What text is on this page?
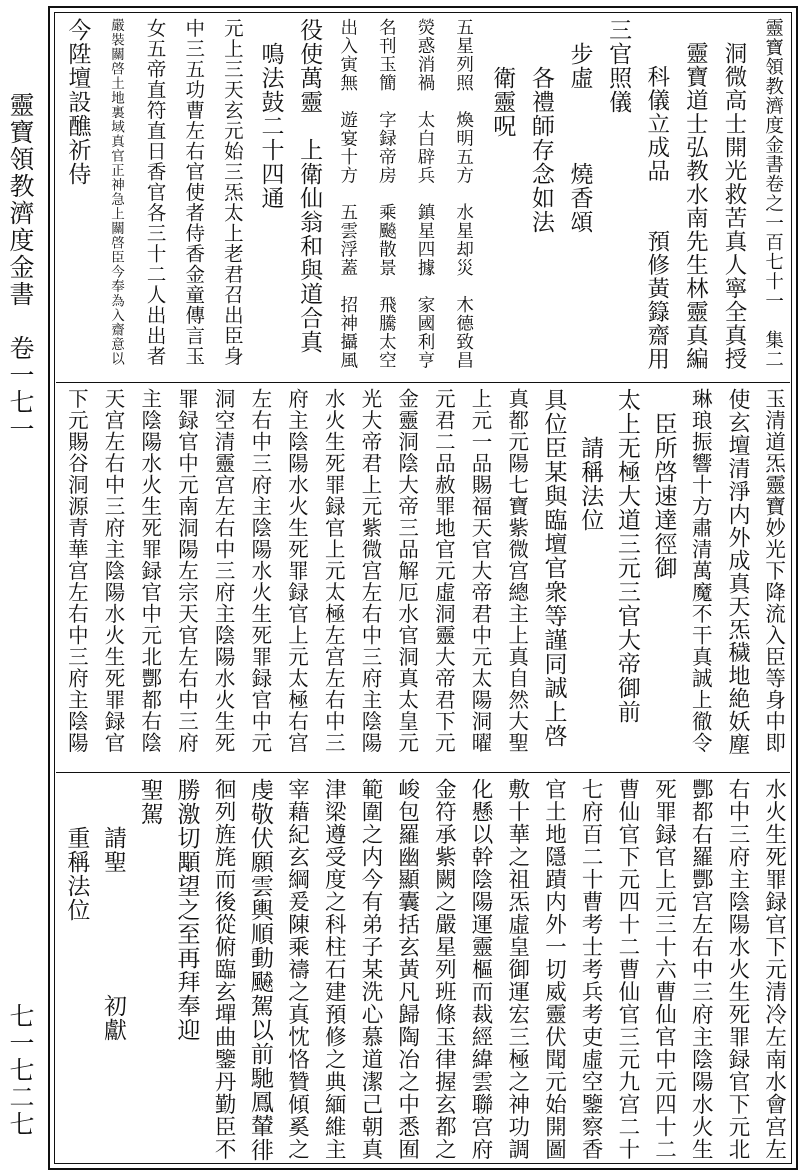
靈寶領教濟度金書　卷一七一
七一七二七
靈寶領教濟度金書卷之一百七十一　集二
　洞微高士開光救苦真人寧全真授
　靈寶道士弘教水南先生林靈真編
　　科儀立成品　　預修黃籙齋用
三官照儀
　步虛　　　燒香頌
　　各禮師存念如法
　　衛靈呪
五星列照　煥明五方　水星却災　木德致昌
熒惑消禍　太白辟兵　鎮星四據　家國利亨
名刊玉簡　字録帝房　乘飈散景　飛騰太空
出入寅無　遊宴十方　五雲浮蓋　招神攝風
役使萬靈　上衛仙翁和與道合真
　鳴法鼓二十四通
元上三天玄元始三炁太上老君召出臣身
中三五功曹左右官使者侍香金童傳言玉
女五帝直符直日香官各三十二人出出者
嚴裝關啓土地裏域真官正神急上關啓臣今奉為入齋意以
今陞壇設醮祈侍
玉清道炁靈寶妙光下降流入臣等身中即
使玄壇清淨内外成真天炁穢地絶妖塵
琳琅振響十方肅清萬魔不干真誠上徹令
　臣所啓速達徑御
太上无極大道三元三官大帝御前
　　請稱法位
具位臣某與臨壇官衆等謹同誠上啓
真都元陽七寶紫微宫總主上真自然大聖
上元一品賜福天官大帝君中元太陽洞曜
元君二品赦罪地官元虛洞靈大帝君下元
金靈洞陰大帝三品解厄水官洞真太皇元
光大帝君上元紫微宫左右中三府主陰陽
水火生死罪録官上元太極左宫左右中三
府主陰陽水火生死罪録官上元太極右宫
左右中三府主陰陽水火生死罪録官中元
洞空清靈宫左右中三府主陰陽水火生死
罪録官中元南洞陽左宗天官左右中三府
主陰陽水火生死罪録官中元北酆都右陰
天宫左右中三府主陰陽水火生死罪録官
下元賜谷洞源青華宫左右中三府主陰陽
水火生死罪録官下元清冷左南水會宫左
右中三府主陰陽水火生死罪録官下元北
酆都右羅酆宫左右中三府主陰陽水火生
死罪録官上元三十六曹仙官中元四十二
曹仙官下元四十二曹仙官三元九宫二十
七府百二十曹考士考兵考吏虛空鑒察香
官土地隱蹟内外一切威靈伏聞元始開圖
敷十華之祖炁虛皇御運宏三極之神功調
化懸以幹陰陽運靈樞而裁經緯雲聯宫府
金符承紫闕之嚴星列班條玉律握玄都之
峻包羅幽顯囊括玄黃凡歸陶冶之中悉囿
範圍之内今有弟子某洗心慕道潔己朝真
津梁遵受度之科柱石建預修之典緬維主
宰藉紀玄綱爰陳乘禱之真忱恪贊傾奚之
虔敬伏願雲輿順動飇駕以前馳鳳輦徘
徊列旌旄而後從俯臨玄墠曲鑒丹勤臣不
勝激切顒望之至再拜奉迎
聖駕
　　請聖　　　　　初獻
　　重稱法位
